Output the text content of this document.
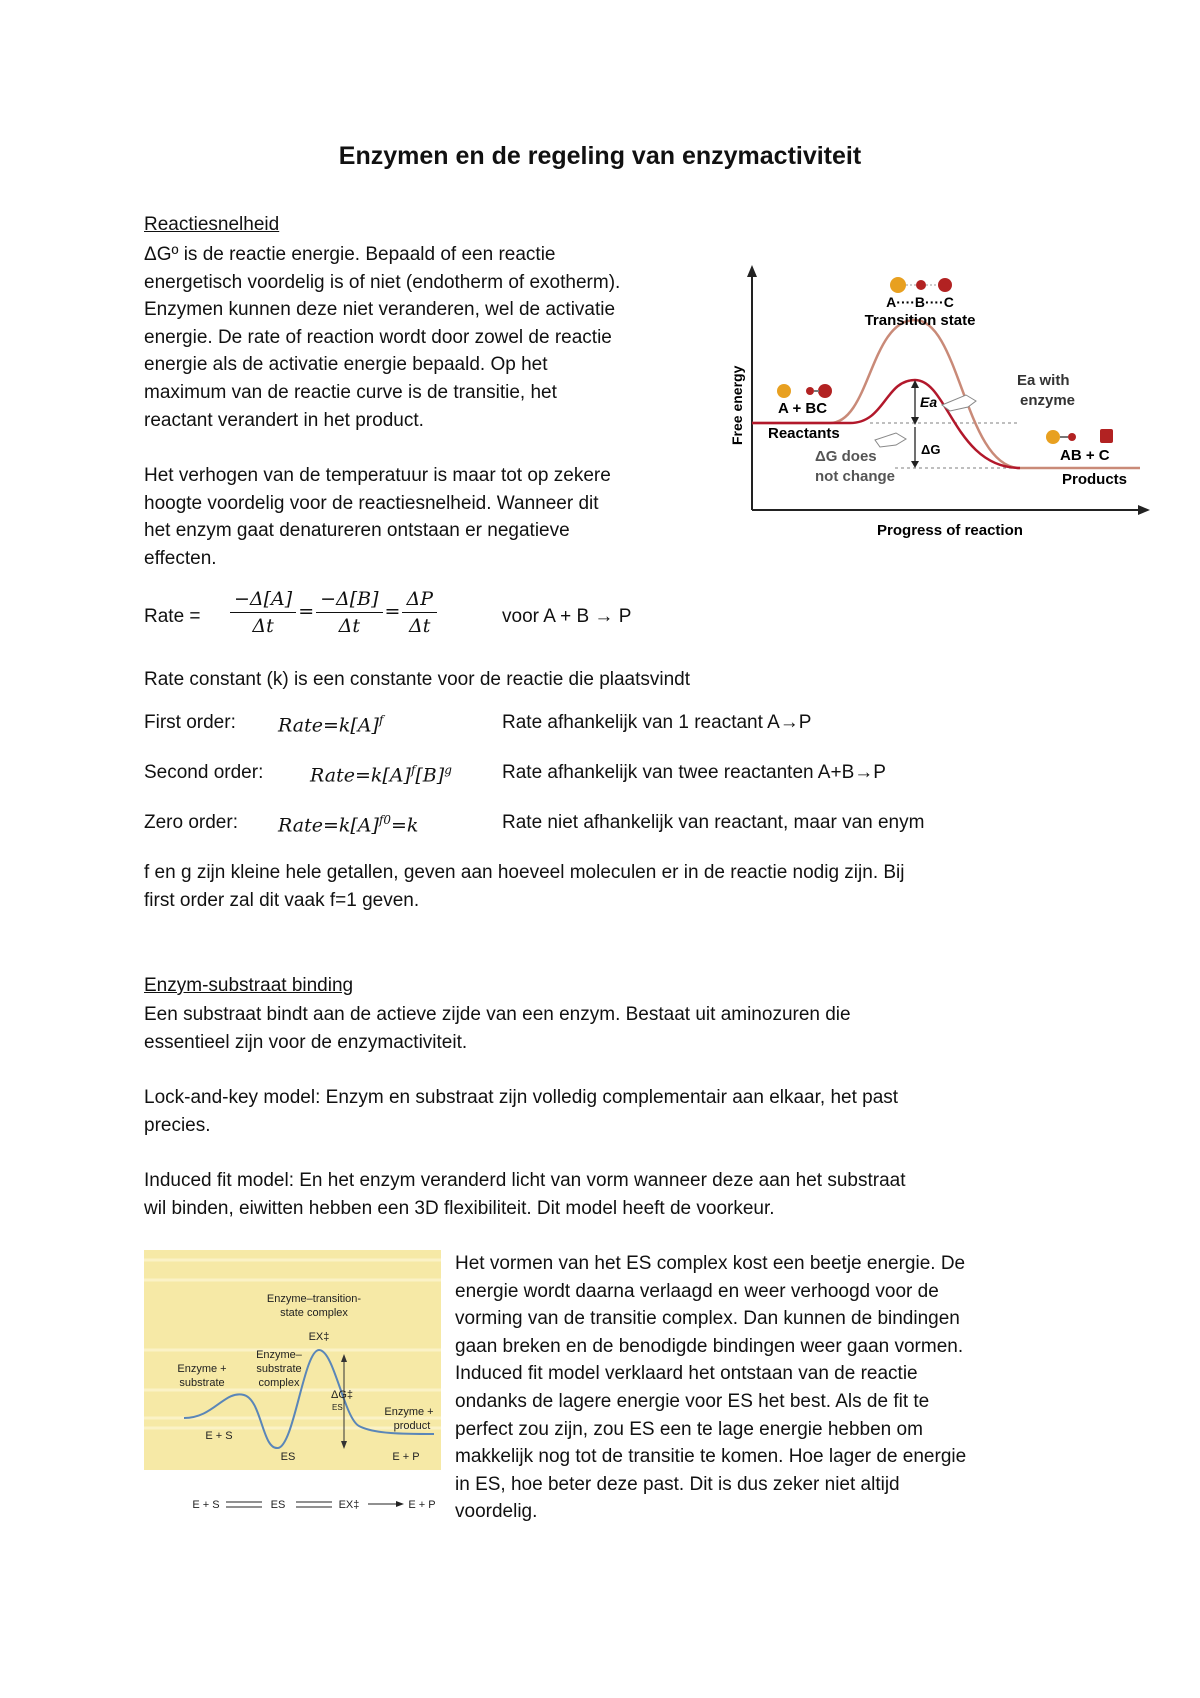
Enzymen en de regeling van enzymactiviteit

Reactiesnelheid

ΔGº is de reactie energie. Bepaald of een reactie

energetisch voordelig is of niet (endotherm of exotherm).

Enzymen kunnen deze niet veranderen, wel de activatie

energie. De rate of reaction wordt door zowel de reactie

energie als de activatie energie bepaald. Op het

maximum van de reactie curve is de transitie, het

reactant verandert in het product.

Het verhogen van de temperatuur is maar tot op zekere

hoogte voordelig voor de reactiesnelheid. Wanneer dit

het enzym gaat denatureren ontstaan er negatieve

effecten.

A····B····C
Transition state
Ea with
enzyme
Ea
A + BC
Reactants
ΔG does
not change
ΔG	AB + C
Products
Free energy
Progress of reaction
Rate = $\frac{-\Delta[A]}{\Delta t} = \frac{-\Delta[B]}{\Delta t} = \frac{\Delta P}{\Delta t}$	voor A + B → P

Rate constant (k) is een constante voor de reactie die plaatsvindt

First order: $Rate=k[A]^f$	Rate afhankelijk van 1 reactant A→P
Second order: $Rate=k[A]^f[B]^g$	Rate afhankelijk van twee reactanten A+B→P
Zero order: $Rate=k[A]^{f0}=k$	Rate niet afhankelijk van reactant, maar van enym

f en g zijn kleine hele getallen, geven aan hoeveel moleculen er in de reactie nodig zijn. Bij

first order zal dit vaak f=1 geven.

Enzym-substraat binding

Een substraat bindt aan de actieve zijde van een enzym. Bestaat uit aminozuren die

essentieel zijn voor de enzymactiviteit.

Lock-and-key model: Enzym en substraat zijn volledig complementair aan elkaar, het past

precies.

Induced fit model: En het enzym veranderd licht van vorm wanneer deze aan het substraat

wil binden, eiwitten hebben een 3D flexibiliteit. Dit model heeft de voorkeur.

Enzyme–transition-
state complex
EX‡
Enzyme–
substrate
complex
Enzyme +
substrate
Enzyme +
product
ΔG‡
ES
E + S
ES	E + P
E + S	ES	EX‡	E + P

Het vormen van het ES complex kost een beetje energie. De

energie wordt daarna verlaagd en weer verhoogd voor de

vorming van de transitie complex. Dan kunnen de bindingen

gaan breken en de benodigde bindingen weer gaan vormen.

Induced fit model verklaard het ontstaan van de reactie

ondanks de lagere energie voor ES het best. Als de fit te

perfect zou zijn, zou ES een te lage energie hebben om

makkelijk nog tot de transitie te komen. Hoe lager de energie

in ES, hoe beter deze past. Dit is dus zeker niet altijd

voordelig.
